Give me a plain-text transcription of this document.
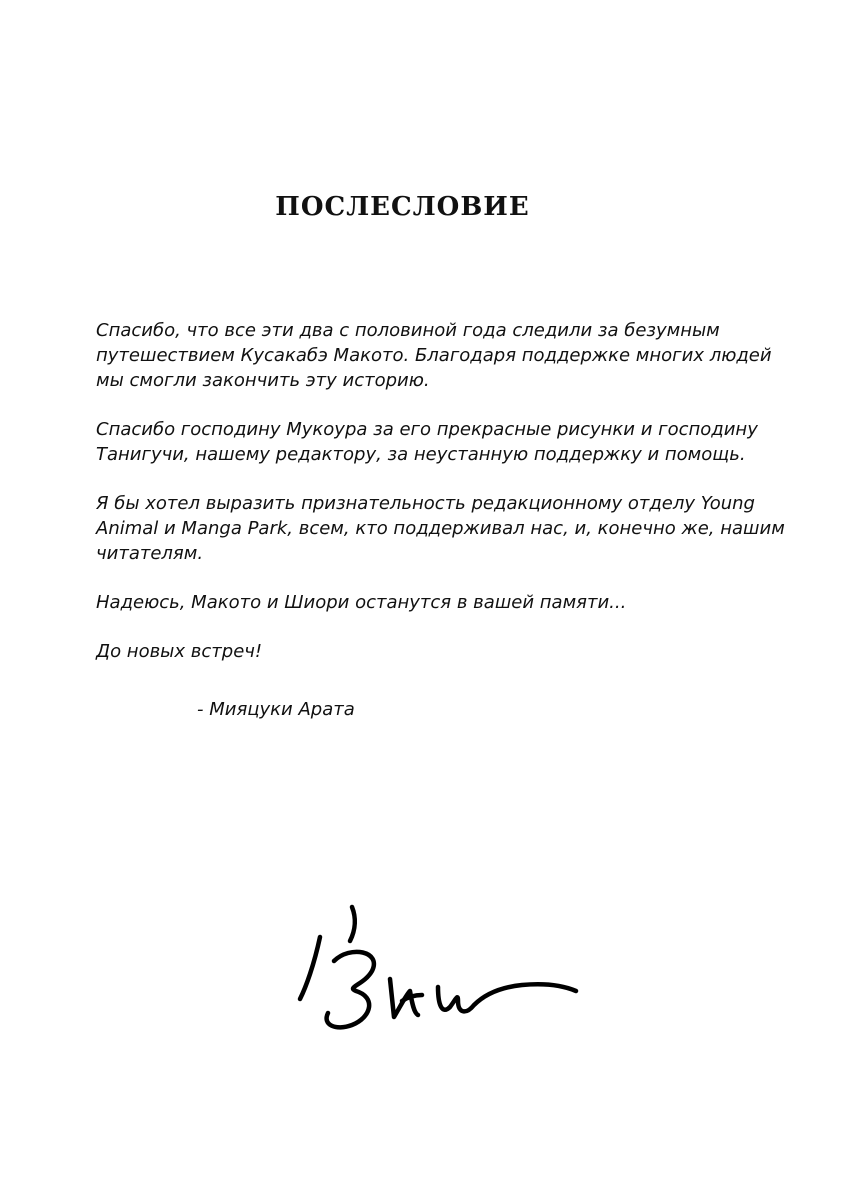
ПОСЛЕСЛОВИЕ

Спасибо, что все эти два с половиной года следили за безумным путешествием Кусакабэ Макото. Благодаря поддержке многих людей мы смогли закончить эту историю.

Спасибо господину Мукоура за его прекрасные рисунки и господину Танигучи, нашему редактору, за неустанную поддержку и помощь.

Я бы хотел выразить признательность редакционному отделу Young Animal и Manga Park, всем, кто поддерживал нас, и, конечно же, нашим читателям.

Надеюсь, Макото и Шиори останутся в вашей памяти...

До новых встреч!

- Мияцуки Арата
